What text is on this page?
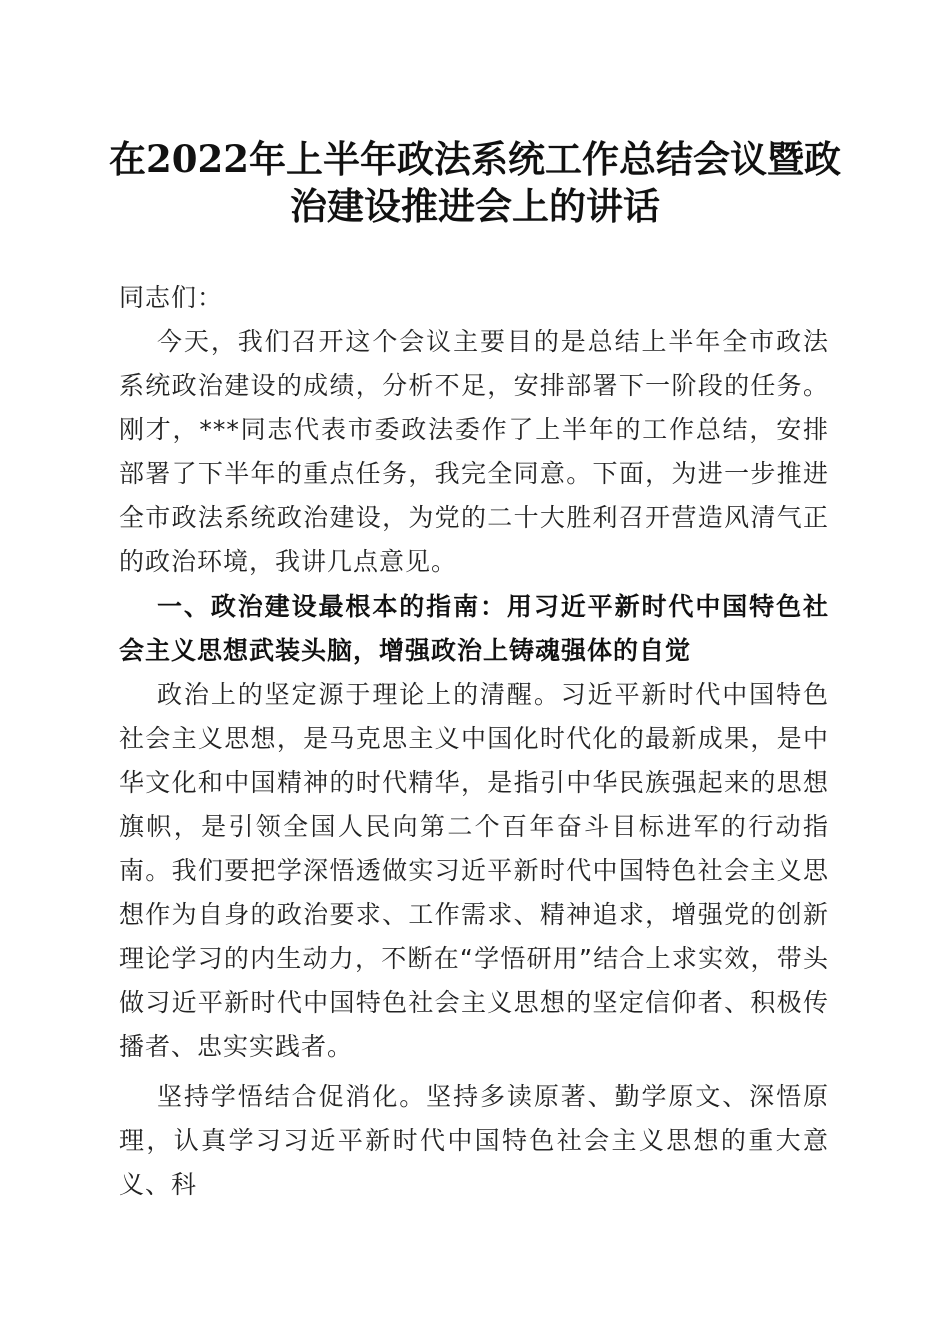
在2022年上半年政法系统工作总结会议暨政治建设推进会上的讲话

同志们：

今天，我们召开这个会议主要目的是总结上半年全市政法系统政治建设的成绩，分析不足，安排部署下一阶段的任务。刚才，***同志代表市委政法委作了上半年的工作总结，安排部署了下半年的重点任务，我完全同意。下面，为进一步推进全市政法系统政治建设，为党的二十大胜利召开营造风清气正的政治环境，我讲几点意见。

一、政治建设最根本的指南：用习近平新时代中国特色社会主义思想武装头脑，增强政治上铸魂强体的自觉

政治上的坚定源于理论上的清醒。习近平新时代中国特色社会主义思想，是马克思主义中国化时代化的最新成果，是中华文化和中国精神的时代精华，是指引中华民族强起来的思想旗帜，是引领全国人民向第二个百年奋斗目标进军的行动指南。我们要把学深悟透做实习近平新时代中国特色社会主义思想作为自身的政治要求、工作需求、精神追求，增强党的创新理论学习的内生动力，不断在“学悟研用”结合上求实效，带头做习近平新时代中国特色社会主义思想的坚定信仰者、积极传播者、忠实实践者。

坚持学悟结合促消化。坚持多读原著、勤学原文、深悟原理，认真学习习近平新时代中国特色社会主义思想的重大意义、科
